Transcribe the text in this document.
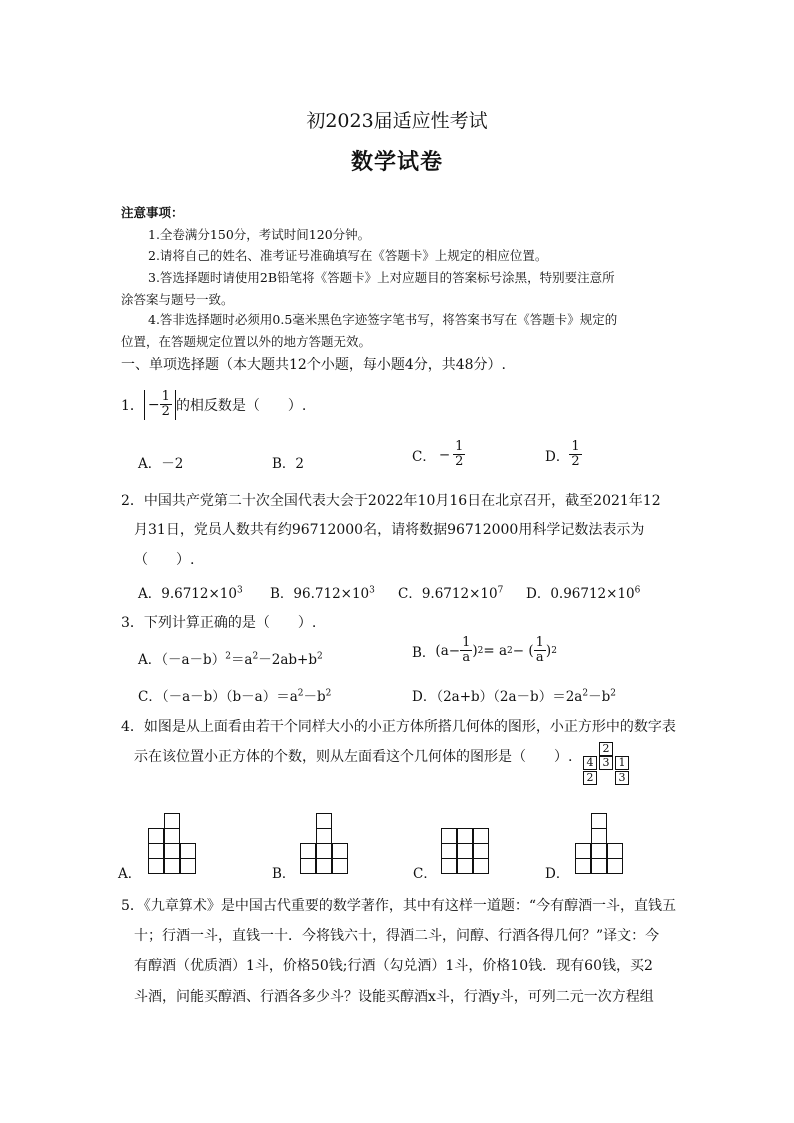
初2023届适应性考试
数学试卷
注意事项：
1.全卷满分150分，考试时间120分钟。
2.请将自己的姓名、准考证号准确填写在《答题卡》上规定的相应位置。
3.答选择题时请使用2B铅笔将《答题卡》上对应题目的答案标号涂黑，特别要注意所
涂答案与题号一致。
4.答非选择题时必须用0.5毫米黑色字迹签字笔书写，将答案书写在《答题卡》规定的
位置，在答题规定位置以外的地方答题无效。
一、单项选择题（本大题共12个小题，每小题4分，共48分）.
1． − $\frac{1}{2}$ 的相反数是（　　）.
A．－2	B．2	C． − $\frac{1}{2}$	D． $\frac{1}{2}$
2．中国共产党第二十次全国代表大会于2022年10月16日在北京召开，截至2021年12
月31日，党员人数共有约96712000名，请将数据96712000用科学记数法表示为
（　　）.
A．$9.6712\times 10^3$ B．$96.712\times 10^3$ C．$9.6712\times 10^7$ D．$0.96712\times 10^6$
3．下列计算正确的是（　　）.
A．$(-a-b)^2=a^2-2ab+b^2$	B． ($a- \frac{1}{a}$ ) 2 = a 2 − ( $\frac{1}{a}$ ) 2
C．$(-a-b)(b-a)=a^2-b^2$	D．$(2a+b)(2a-b)=2a^2-b^2$
4．如图是从上面看由若干个同样大小的小正方体所搭几何体的图形，小正方形中的数字表
示在该位置小正方体的个数，则从左面看这个几何体的图形是（　　）.
2
4 3 1
2	3
A．	B．	C．	D．
5．《九章算术》是中国古代重要的数学著作，其中有这样一道题：“今有醇酒一斗，直钱五
十；行酒一斗，直钱一十．今将钱六十，得酒二斗，问醇、行酒各得几何？”译文：今
有醇酒（优质酒）1斗，价格50钱;行酒（勾兑酒）1斗，价格10钱．现有60钱，买2
斗酒，问能买醇酒、行酒各多少斗？设能买醇酒x斗，行酒y斗，可列二元一次方程组
